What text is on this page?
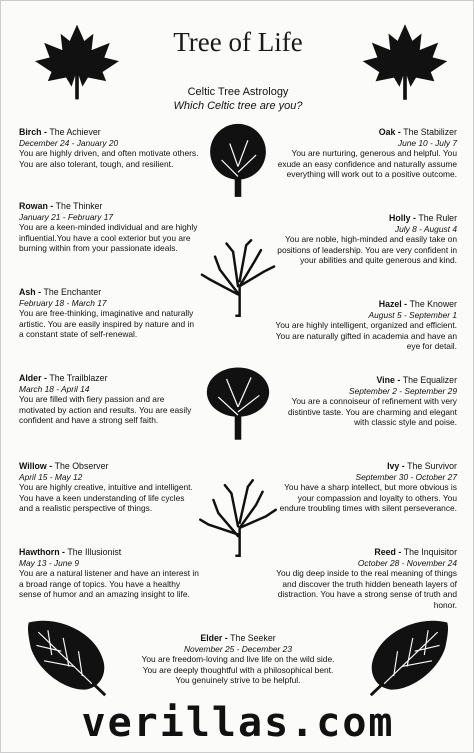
Tree of Life
Celtic Tree Astrology
Which Celtic tree are you?
Birch - The Achiever
December 24 - January 20
You are highly driven, and often motivate others. You are also tolerant, tough, and resilient.
Rowan - The Thinker
January 21 - February 17
You are a keen-minded individual and are highly influential.You have a cool exterior but you are burning within from your passionate ideals.
Ash - The Enchanter
February 18 - March 17
You are free-thinking, imaginative and naturally artistic. You are easily inspired by nature and in a constant state of self-renewal.
Alder - The Trailblazer
March 18 - April 14
You are filled with fiery passion and are motivated by action and results. You are easily confident and have a strong self faith.
Willow - The Observer
April 15 - May 12
You are highly creative, intuitive and intelligent. You have a keen understanding of life cycles and a realistic perspective of things.
Hawthorn - The Illusionist
May 13 - June 9
You are a natural listener and have an interest in a broad range of topics. You have a healthy sense of humor and an amazing insight to life.
Oak - The Stabilizer
June 10 - July 7
You are nurturing, generous and helpful. You exude an easy confidence and naturally assume everything will work out to a positive outcome.
Holly - The Ruler
July 8 - August 4
You are noble, high-minded and easily take on positions of leadership. You are very confident in your abilities and quite generous and kind.
Hazel - The Knower
August 5 - September 1
You are highly intelligent, organized and efficient. You are naturally gifted in academia and have an eye for detail.
Vine - The Equalizer
September 2 - September 29
You are a connoiseur of refinement with very distintive taste. You are charming and elegant with classic style and poise.
Ivy - The Survivor
September 30 - October 27
You have a sharp intellect, but more obvious is your compassion and loyalty to others. You endure troubling times with silent perseverance.
Reed - The Inquisitor
October 28 - November 24
You dig deep inside to the real meaning of things and discover the truth hidden beneath layers of distraction. You have a strong sense of truth and honor.
Elder - The Seeker
November 25 - December 23
You are freedom-loving and live life on the wild side. You are deeply thoughtful with a philosophical bent. You genuinely strive to be helpful.
verillas.com
